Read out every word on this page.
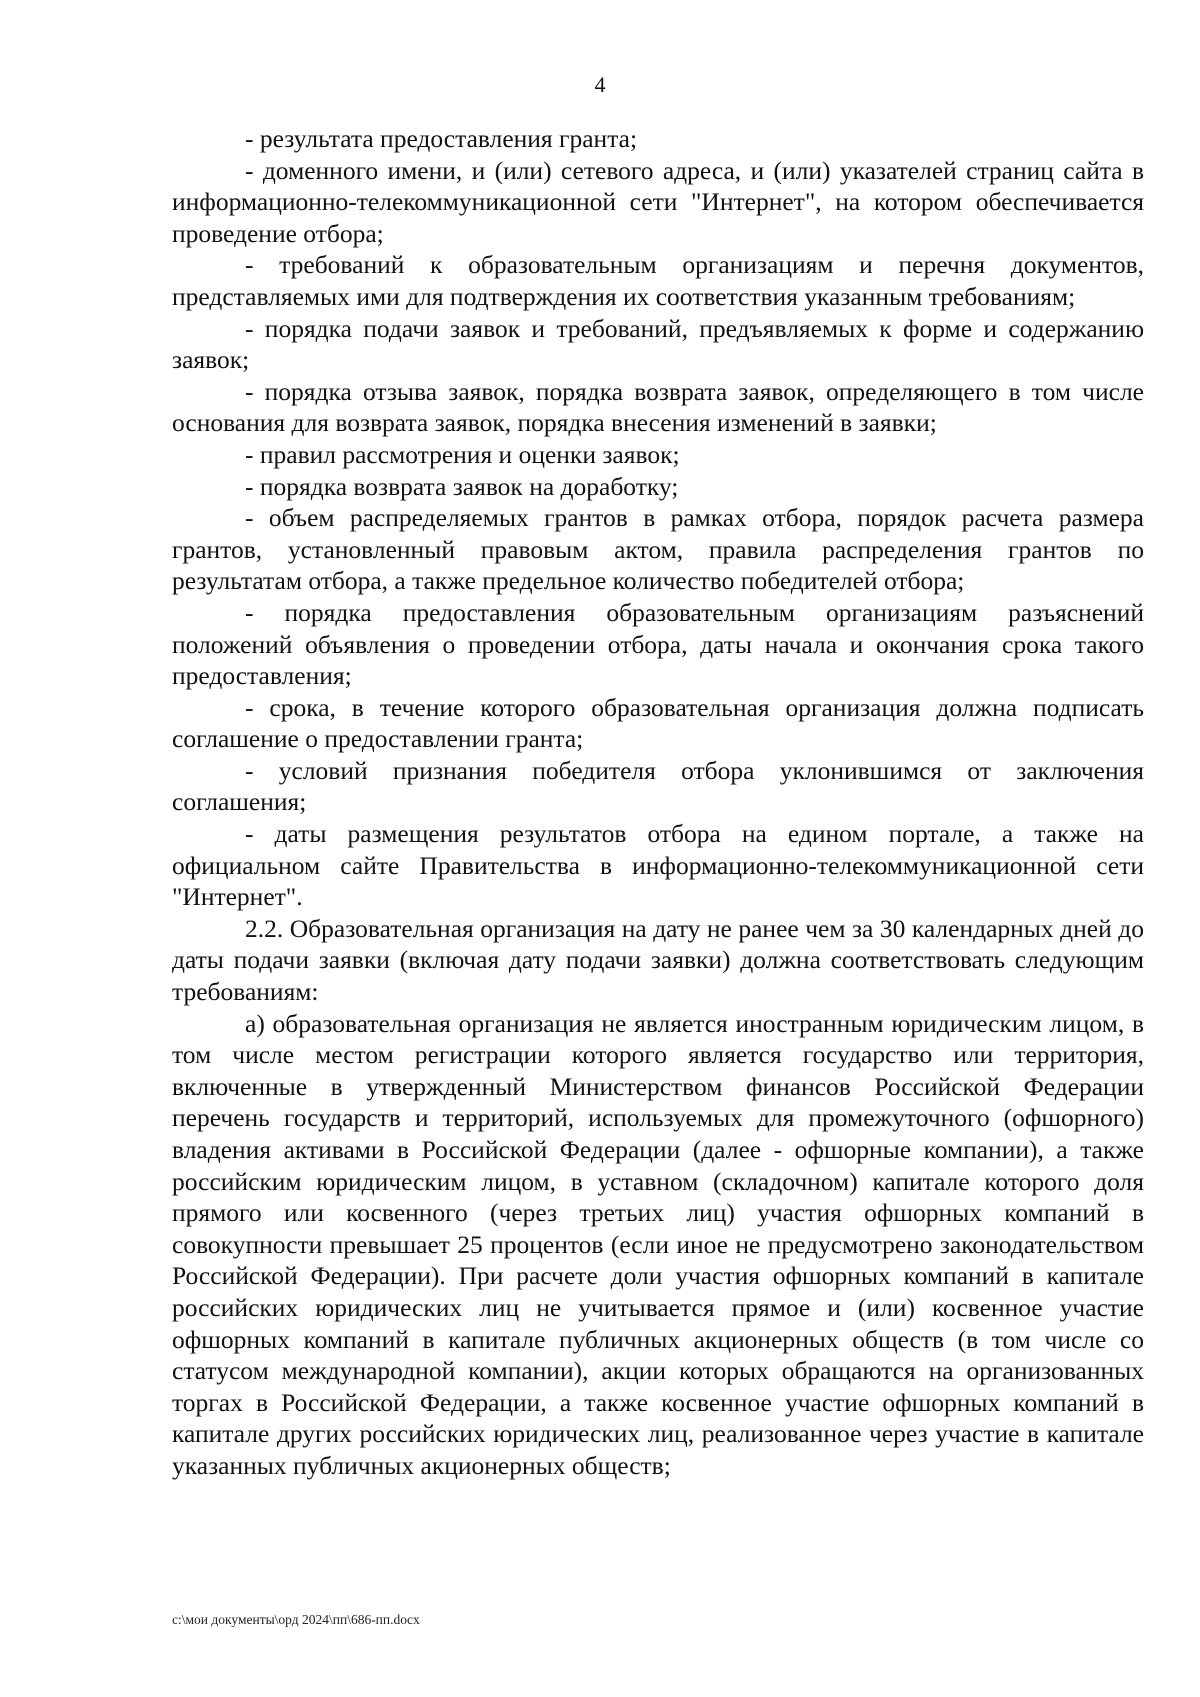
4

- результата предоставления гранта;

- доменного имени, и (или) сетевого адреса, и (или) указателей страниц сайта в информационно-телекоммуникационной сети "Интернет", на котором обеспечивается проведение отбора;

- требований к образовательным организациям и перечня документов, представляемых ими для подтверждения их соответствия указанным требованиям;

- порядка подачи заявок и требований, предъявляемых к форме и содержанию заявок;

- порядка отзыва заявок, порядка возврата заявок, определяющего в том числе основания для возврата заявок, порядка внесения изменений в заявки;

- правил рассмотрения и оценки заявок;

- порядка возврата заявок на доработку;

- объем распределяемых грантов в рамках отбора, порядок расчета размера грантов, установленный правовым актом, правила распределения грантов по результатам отбора, а также предельное количество победителей отбора;

- порядка предоставления образовательным организациям разъяснений положений объявления о проведении отбора, даты начала и окончания срока такого предоставления;

- срока, в течение которого образовательная организация должна подписать соглашение о предоставлении гранта;

- условий признания победителя отбора уклонившимся от заключения соглашения;

- даты размещения результатов отбора на едином портале, а также на официальном сайте Правительства в информационно-телекоммуникационной сети "Интернет".

2.2. Образовательная организация на дату не ранее чем за 30 календарных дней до даты подачи заявки (включая дату подачи заявки) должна соответствовать следующим требованиям:

а) образовательная организация не является иностранным юридическим лицом, в том числе местом регистрации которого является государство или территория, включенные в утвержденный Министерством финансов Российской Федерации перечень государств и территорий, используемых для промежуточного (офшорного) владения активами в Российской Федерации (далее - офшорные компании), а также российским юридическим лицом, в уставном (складочном) капитале которого доля прямого или косвенного (через третьих лиц) участия офшорных компаний в совокупности превышает 25 процентов (если иное не предусмотрено законодательством Российской Федерации). При расчете доли участия офшорных компаний в капитале российских юридических лиц не учитывается прямое и (или) косвенное участие офшорных компаний в капитале публичных акционерных обществ (в том числе со статусом международной компании), акции которых обращаются на организованных торгах в Российской Федерации, а также косвенное участие офшорных компаний в капитале других российских юридических лиц, реализованное через участие в капитале указанных публичных акционерных обществ;

c:\мои документы\орд 2024\пп\686-пп.docx
